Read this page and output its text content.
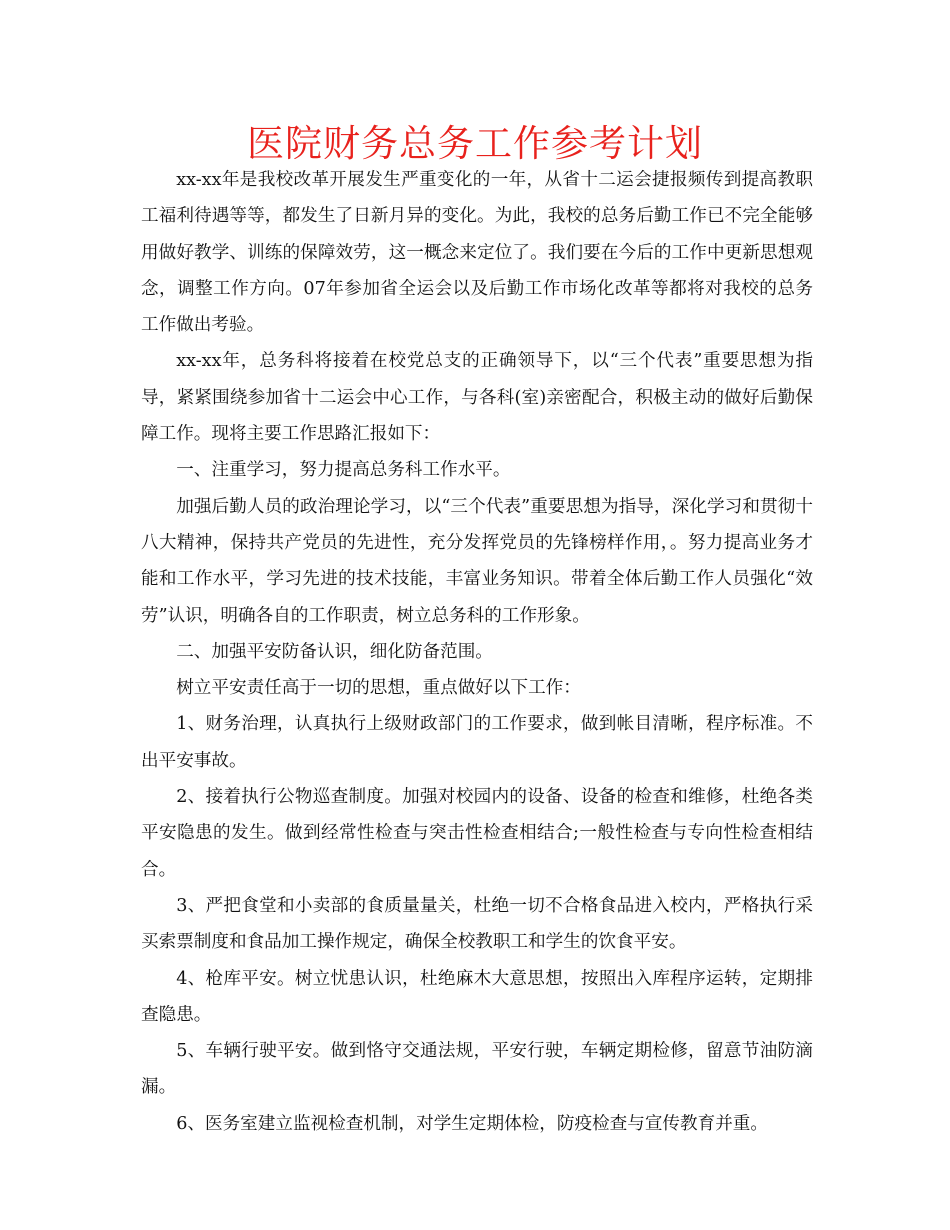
医院财务总务工作参考计划

xx-xx年是我校改革开展发生严重变化的一年，从省十二运会捷报频传到提高教职工福利待遇等等，都发生了日新月异的变化。为此，我校的总务后勤工作已不完全能够用做好教学、训练的保障效劳，这一概念来定位了。我们要在今后的工作中更新思想观念，调整工作方向。07年参加省全运会以及后勤工作市场化改革等都将对我校的总务工作做出考验。

xx-xx年，总务科将接着在校党总支的正确领导下，以“三个代表”重要思想为指导，紧紧围绕参加省十二运会中心工作，与各科(室)亲密配合，积极主动的做好后勤保障工作。现将主要工作思路汇报如下：

一、注重学习，努力提高总务科工作水平。

加强后勤人员的政治理论学习，以“三个代表”重要思想为指导，深化学习和贯彻十八大精神，保持共产党员的先进性，充分发挥党员的先锋榜样作用，。努力提高业务才能和工作水平，学习先进的技术技能，丰富业务知识。带着全体后勤工作人员强化“效劳”认识，明确各自的工作职责，树立总务科的工作形象。

二、加强平安防备认识，细化防备范围。

树立平安责任高于一切的思想，重点做好以下工作：

1、财务治理，认真执行上级财政部门的工作要求，做到帐目清晰，程序标准。不出平安事故。

2、接着执行公物巡查制度。加强对校园内的设备、设备的检查和维修，杜绝各类平安隐患的发生。做到经常性检查与突击性检查相结合;一般性检查与专向性检查相结合。

3、严把食堂和小卖部的食质量量关，杜绝一切不合格食品进入校内，严格执行采买索票制度和食品加工操作规定，确保全校教职工和学生的饮食平安。

4、枪库平安。树立忧患认识，杜绝麻木大意思想，按照出入库程序运转，定期排查隐患。

5、车辆行驶平安。做到恪守交通法规，平安行驶，车辆定期检修，留意节油防滴漏。

6、医务室建立监视检查机制，对学生定期体检，防疫检查与宣传教育并重。
